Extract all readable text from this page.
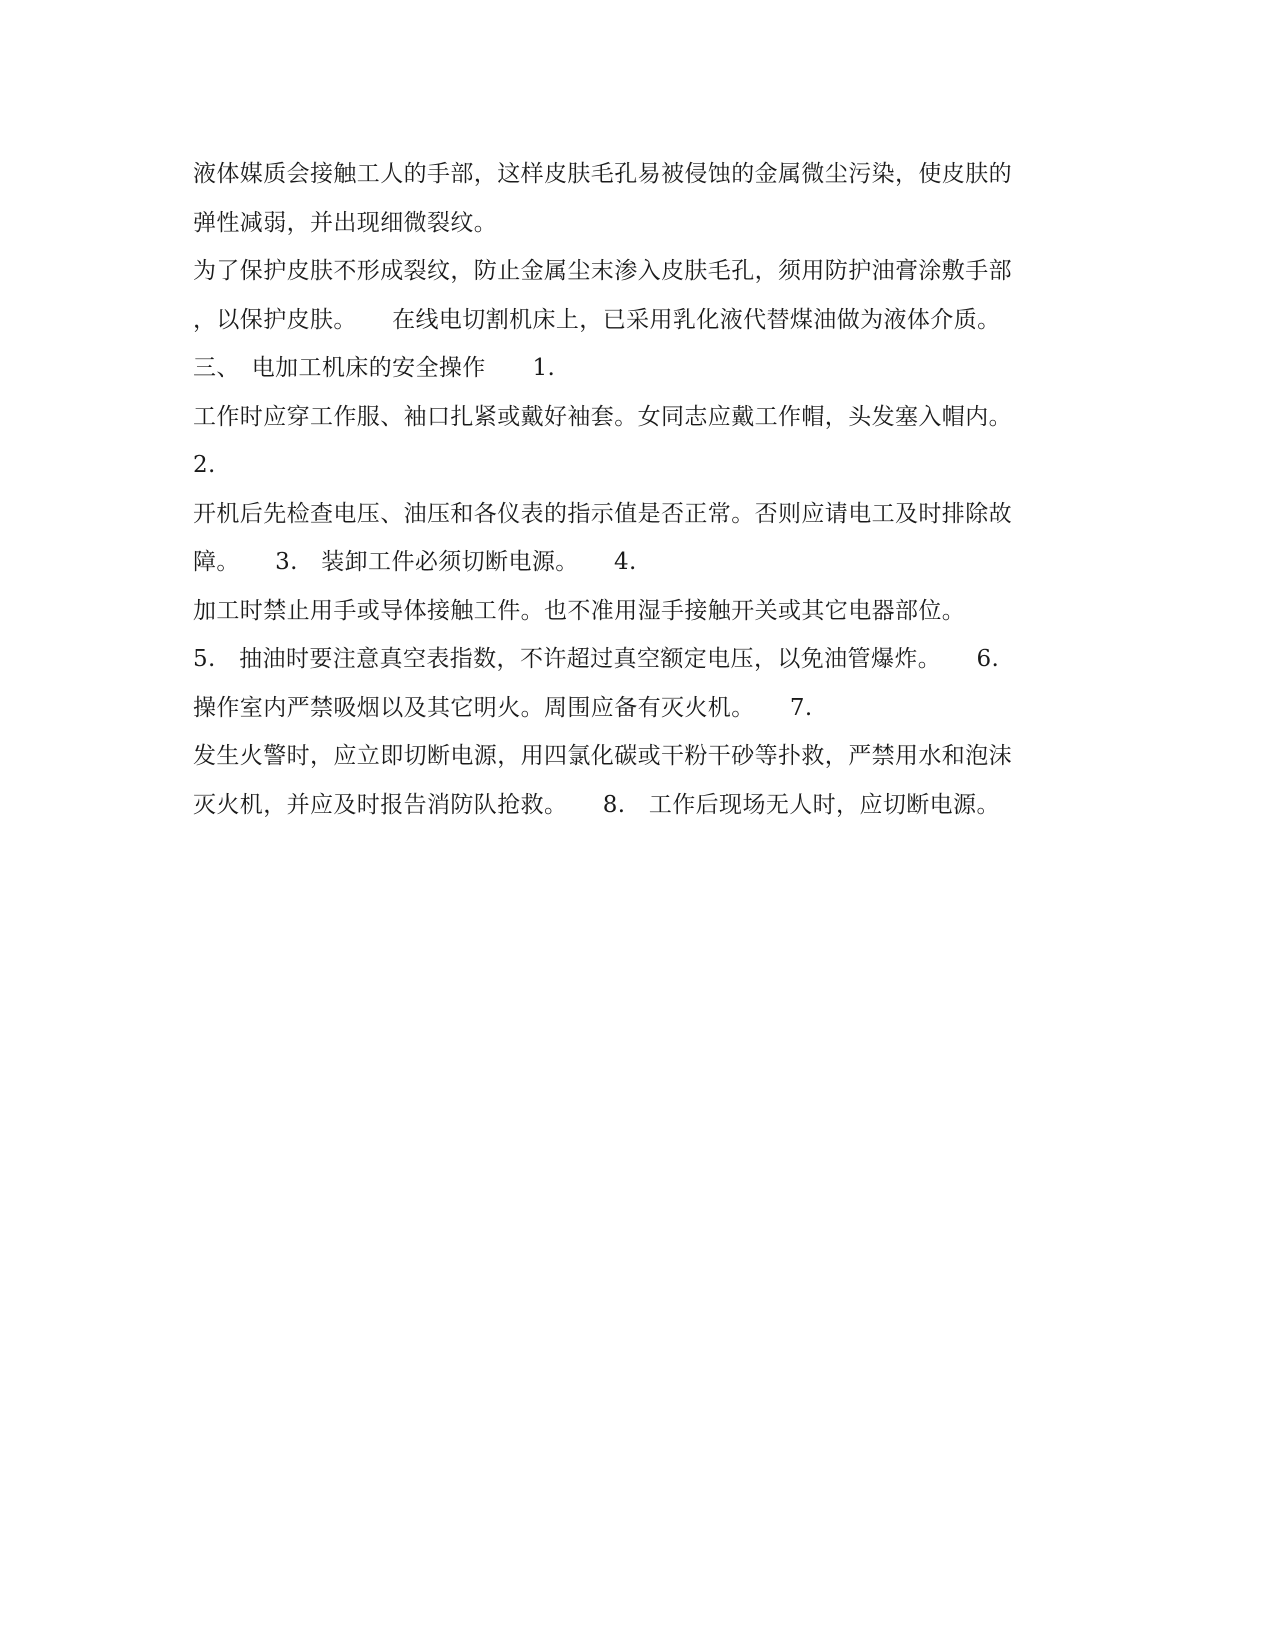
液体媒质会接触工人的手部，这样皮肤毛孔易被侵蚀的金属微尘污染，使皮肤的
弹性减弱，并出现细微裂纹。
为了保护皮肤不形成裂纹，防止金属尘末渗入皮肤毛孔，须用防护油膏涂敷手部
，以保护皮肤。　　在线电切割机床上，已采用乳化液代替煤油做为液体介质。
三、　电加工机床的安全操作　　1.
工作时应穿工作服、袖口扎紧或戴好袖套。女同志应戴工作帽，头发塞入帽内。
2.
开机后先检查电压、油压和各仪表的指示值是否正常。否则应请电工及时排除故
障。　　3.　装卸工件必须切断电源。　　4.
加工时禁止用手或导体接触工件。也不准用湿手接触开关或其它电器部位。
5.　抽油时要注意真空表指数，不许超过真空额定电压，以免油管爆炸。　　6.
操作室内严禁吸烟以及其它明火。周围应备有灭火机。　　7.
发生火警时，应立即切断电源，用四氯化碳或干粉干砂等扑救，严禁用水和泡沫
灭火机，并应及时报告消防队抢救。　　8.　工作后现场无人时，应切断电源。
